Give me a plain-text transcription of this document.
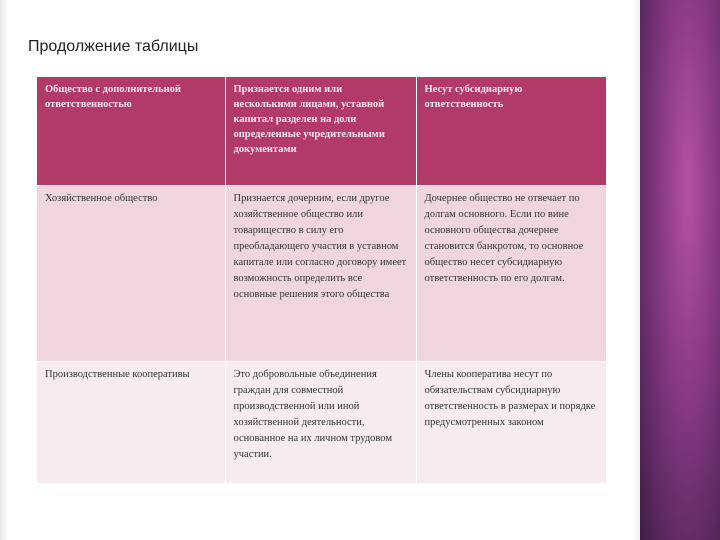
Продолжение таблицы
Общество с дополнительной ответственностью	Признается одним или несколькими лицами, уставной капитал разделен на доли определенные учредительными документами	Несут субсидиарную ответственность
Хозяйственное общество	Признается дочерним, если другое хозяйственное общество или товарищество в силу его преобладающего участия в уставном капитале или согласно договору имеет возможность определить все основные решения этого общества	Дочернее общество не отвечает по долгам основного. Если по вине основного общества дочернее становится банкротом, то основное общество несет субсидиарную ответственность по его долгам.
Производственные кооперативы	Это добровольные объединения граждан для совместной производственной или иной хозяйственной деятельности, основанное на их личном трудовом участии.	Члены кооператива несут по обязательствам субсидиарную ответственность в размерах и порядке предусмотренных законом
